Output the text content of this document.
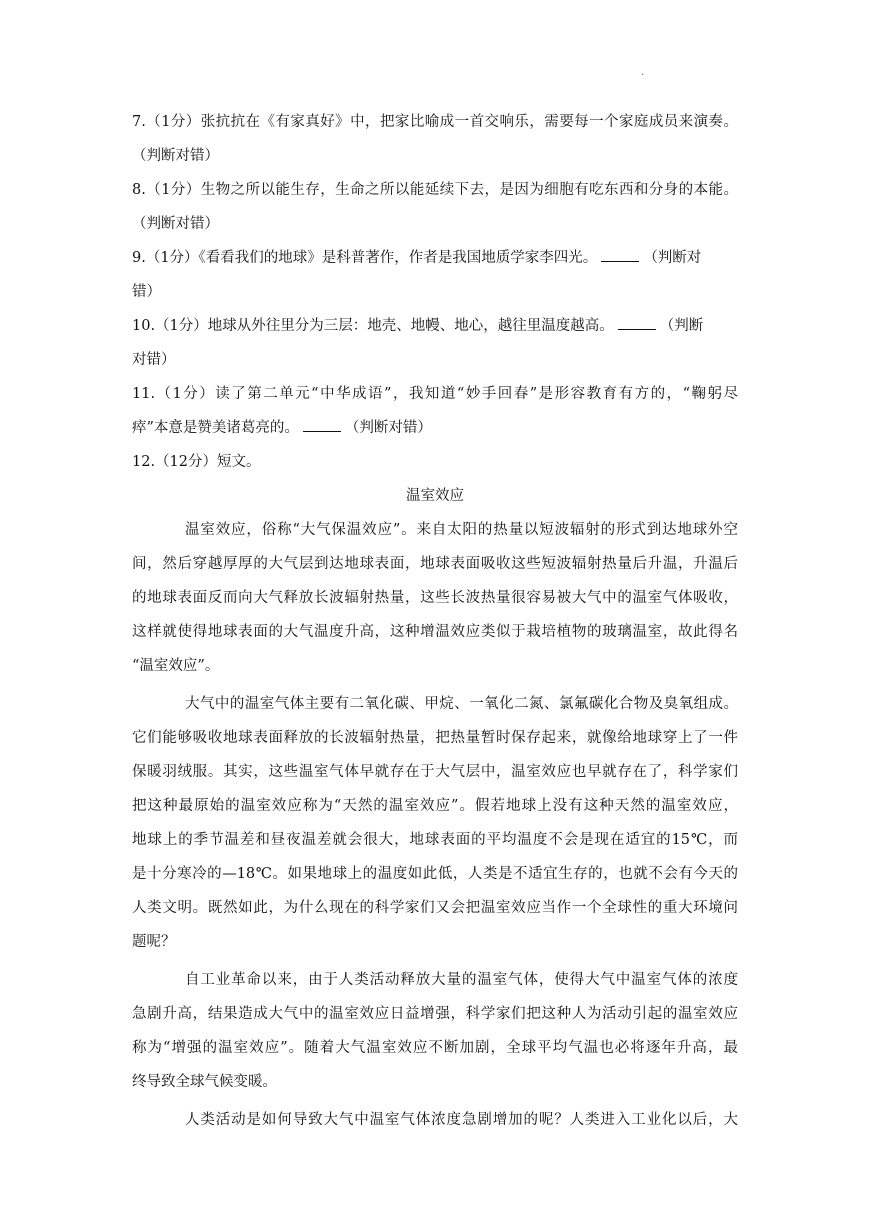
.
7.（1分）张抗抗在《有家真好》中，把家比喻成一首交响乐，需要每一个家庭成员来演奏。
（判断对错）
8.（1分）生物之所以能生存，生命之所以能延续下去，是因为细胞有吃东西和分身的本能。
（判断对错）
9.（1分）《看看我们的地球》是科普著作，作者是我国地质学家李四光。	（判断对
错）
10.（1分）地球从外往里分为三层：地壳、地幔、地心，越往里温度越高。	（判断
对错）
11.（1分）读了第二单元“中华成语”，我知道“妙手回春”是形容教育有方的，“鞠躬尽
瘁”本意是赞美诸葛亮的。	（判断对错）
12.（12分）短文。
温室效应
温室效应，俗称“大气保温效应”。来自太阳的热量以短波辐射的形式到达地球外空
间，然后穿越厚厚的大气层到达地球表面，地球表面吸收这些短波辐射热量后升温，升温后
的地球表面反而向大气释放长波辐射热量，这些长波热量很容易被大气中的温室气体吸收，
这样就使得地球表面的大气温度升高，这种增温效应类似于栽培植物的玻璃温室，故此得名
“温室效应”。
大气中的温室气体主要有二氧化碳、甲烷、一氧化二氮、氯氟碳化合物及臭氧组成。
它们能够吸收地球表面释放的长波辐射热量，把热量暂时保存起来，就像给地球穿上了一件
保暖羽绒服。其实，这些温室气体早就存在于大气层中，温室效应也早就存在了，科学家们
把这种最原始的温室效应称为“天然的温室效应”。假若地球上没有这种天然的温室效应，
地球上的季节温差和昼夜温差就会很大，地球表面的平均温度不会是现在适宜的15℃，而
是十分寒冷的—18℃。如果地球上的温度如此低，人类是不适宜生存的，也就不会有今天的
人类文明。既然如此，为什么现在的科学家们又会把温室效应当作一个全球性的重大环境问
题呢？
自工业革命以来，由于人类活动释放大量的温室气体，使得大气中温室气体的浓度
急剧升高，结果造成大气中的温室效应日益增强，科学家们把这种人为活动引起的温室效应
称为“增强的温室效应”。随着大气温室效应不断加剧，全球平均气温也必将逐年升高，最
终导致全球气候变暖。
人类活动是如何导致大气中温室气体浓度急剧增加的呢？人类进入工业化以后，大
